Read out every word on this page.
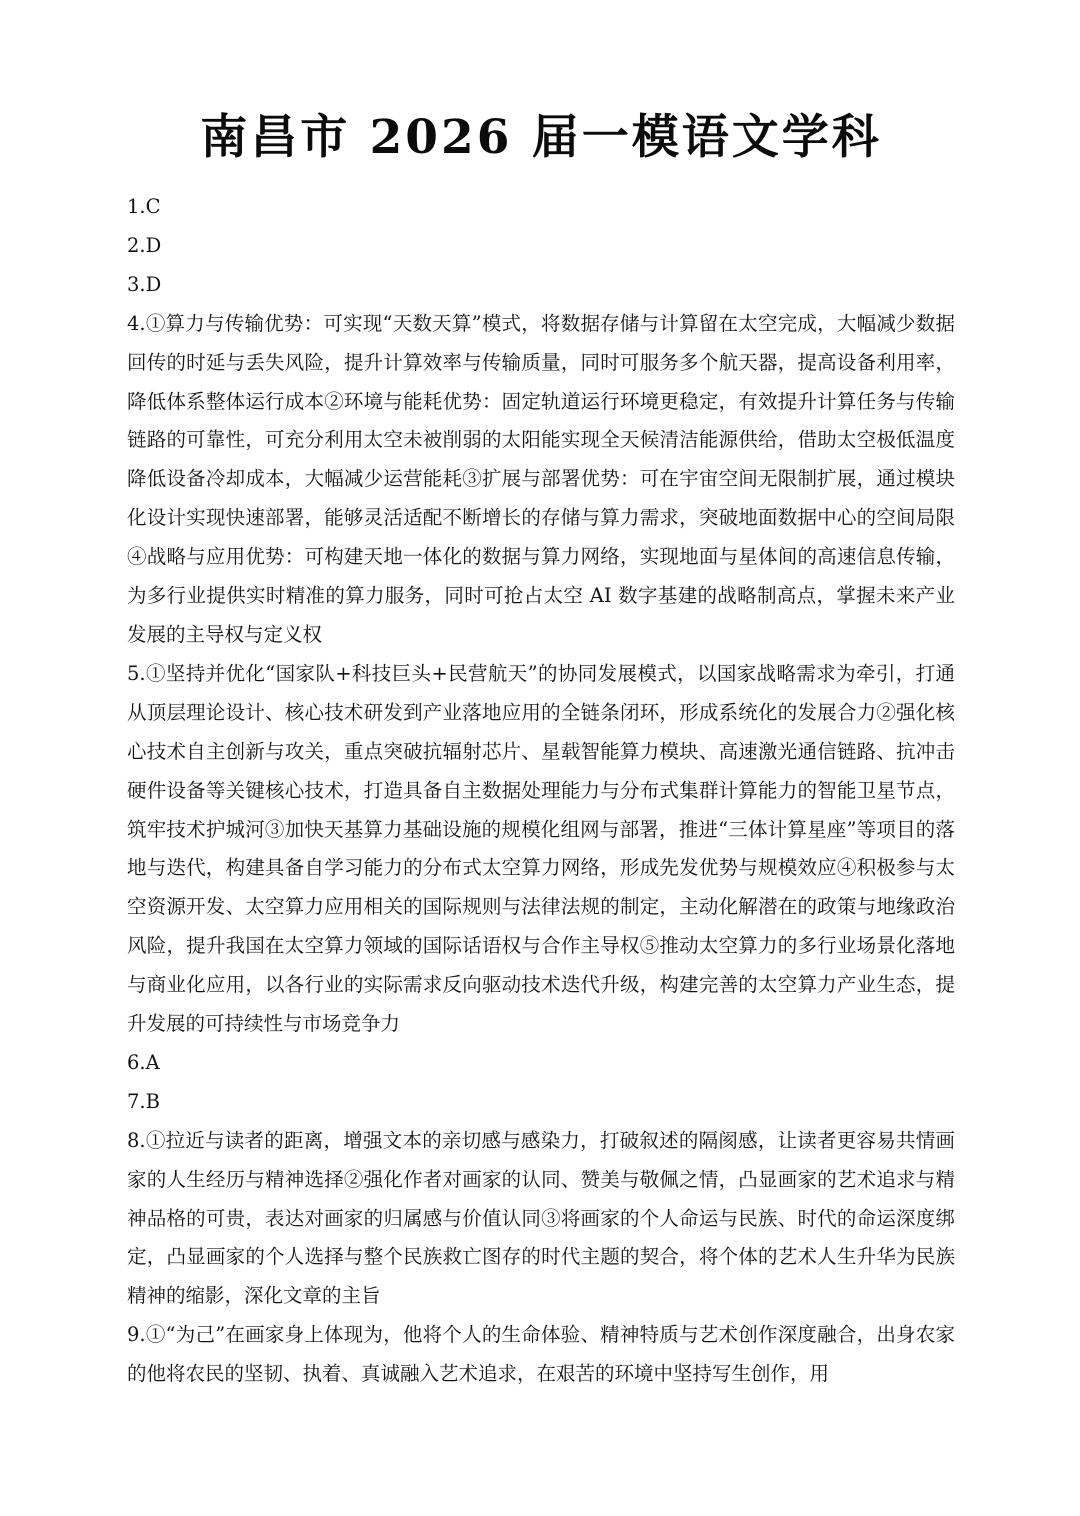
南昌市 2026 届一模语文学科

1.C

2.D

3.D

4.①算力与传输优势：可实现“天数天算”模式，将数据存储与计算留在太空完成，大幅减少数据回传的时延与丢失风险，提升计算效率与传输质量，同时可服务多个航天器，提高设备利用率，降低体系整体运行成本②环境与能耗优势：固定轨道运行环境更稳定，有效提升计算任务与传输链路的可靠性，可充分利用太空未被削弱的太阳能实现全天候清洁能源供给，借助太空极低温度降低设备冷却成本，大幅减少运营能耗③扩展与部署优势：可在宇宙空间无限制扩展，通过模块化设计实现快速部署，能够灵活适配不断增长的存储与算力需求，突破地面数据中心的空间局限④战略与应用优势：可构建天地一体化的数据与算力网络，实现地面与星体间的高速信息传输，为多行业提供实时精准的算力服务，同时可抢占太空 AI 数字基建的战略制高点，掌握未来产业发展的主导权与定义权

5.①坚持并优化“国家队+科技巨头+民营航天”的协同发展模式，以国家战略需求为牵引，打通从顶层理论设计、核心技术研发到产业落地应用的全链条闭环，形成系统化的发展合力②强化核心技术自主创新与攻关，重点突破抗辐射芯片、星载智能算力模块、高速激光通信链路、抗冲击硬件设备等关键核心技术，打造具备自主数据处理能力与分布式集群计算能力的智能卫星节点，筑牢技术护城河③加快天基算力基础设施的规模化组网与部署，推进“三体计算星座”等项目的落地与迭代，构建具备自学习能力的分布式太空算力网络，形成先发优势与规模效应④积极参与太空资源开发、太空算力应用相关的国际规则与法律法规的制定，主动化解潜在的政策与地缘政治风险，提升我国在太空算力领域的国际话语权与合作主导权⑤推动太空算力的多行业场景化落地与商业化应用，以各行业的实际需求反向驱动技术迭代升级，构建完善的太空算力产业生态，提升发展的可持续性与市场竞争力

6.A

7.B

8.①拉近与读者的距离，增强文本的亲切感与感染力，打破叙述的隔阂感，让读者更容易共情画家的人生经历与精神选择②强化作者对画家的认同、赞美与敬佩之情，凸显画家的艺术追求与精神品格的可贵，表达对画家的归属感与价值认同③将画家的个人命运与民族、时代的命运深度绑定，凸显画家的个人选择与整个民族救亡图存的时代主题的契合，将个体的艺术人生升华为民族精神的缩影，深化文章的主旨

9.①“为己”在画家身上体现为，他将个人的生命体验、精神特质与艺术创作深度融合，出身农家的他将农民的坚韧、执着、真诚融入艺术追求，在艰苦的环境中坚持写生创作，用
